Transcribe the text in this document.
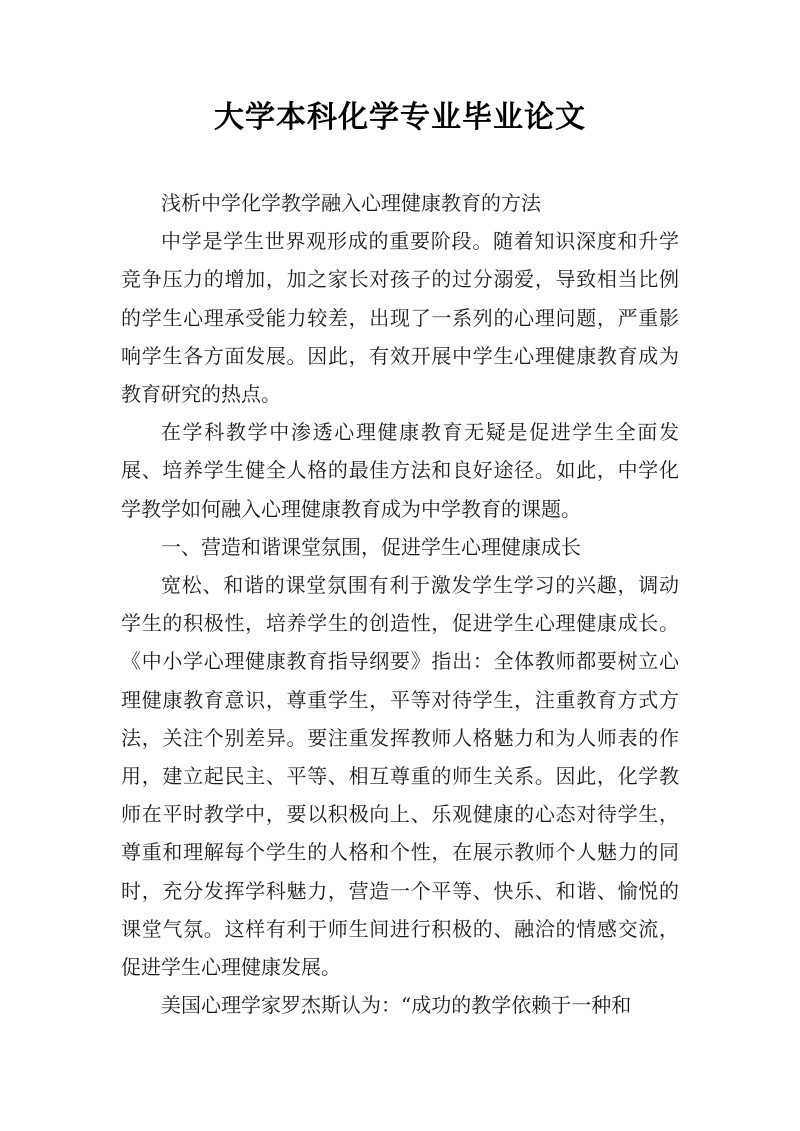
大学本科化学专业毕业论文

浅析中学化学教学融入心理健康教育的方法

中学是学生世界观形成的重要阶段。随着知识深度和升学竞争压力的增加，加之家长对孩子的过分溺爱，导致相当比例的学生心理承受能力较差，出现了一系列的心理问题，严重影响学生各方面发展。因此，有效开展中学生心理健康教育成为教育研究的热点。

在学科教学中渗透心理健康教育无疑是促进学生全面发展、培养学生健全人格的最佳方法和良好途径。如此，中学化学教学如何融入心理健康教育成为中学教育的课题。

一、营造和谐课堂氛围，促进学生心理健康成长

宽松、和谐的课堂氛围有利于激发学生学习的兴趣，调动学生的积极性，培养学生的创造性，促进学生心理健康成长。《中小学心理健康教育指导纲要》指出：全体教师都要树立心理健康教育意识，尊重学生，平等对待学生，注重教育方式方法，关注个别差异。要注重发挥教师人格魅力和为人师表的作用，建立起民主、平等、相互尊重的师生关系。因此，化学教师在平时教学中，要以积极向上、乐观健康的心态对待学生，尊重和理解每个学生的人格和个性，在展示教师个人魅力的同时，充分发挥学科魅力，营造一个平等、快乐、和谐、愉悦的课堂气氛。这样有利于师生间进行积极的、融洽的情感交流，促进学生心理健康发展。

美国心理学家罗杰斯认为：“成功的教学依赖于一种和
